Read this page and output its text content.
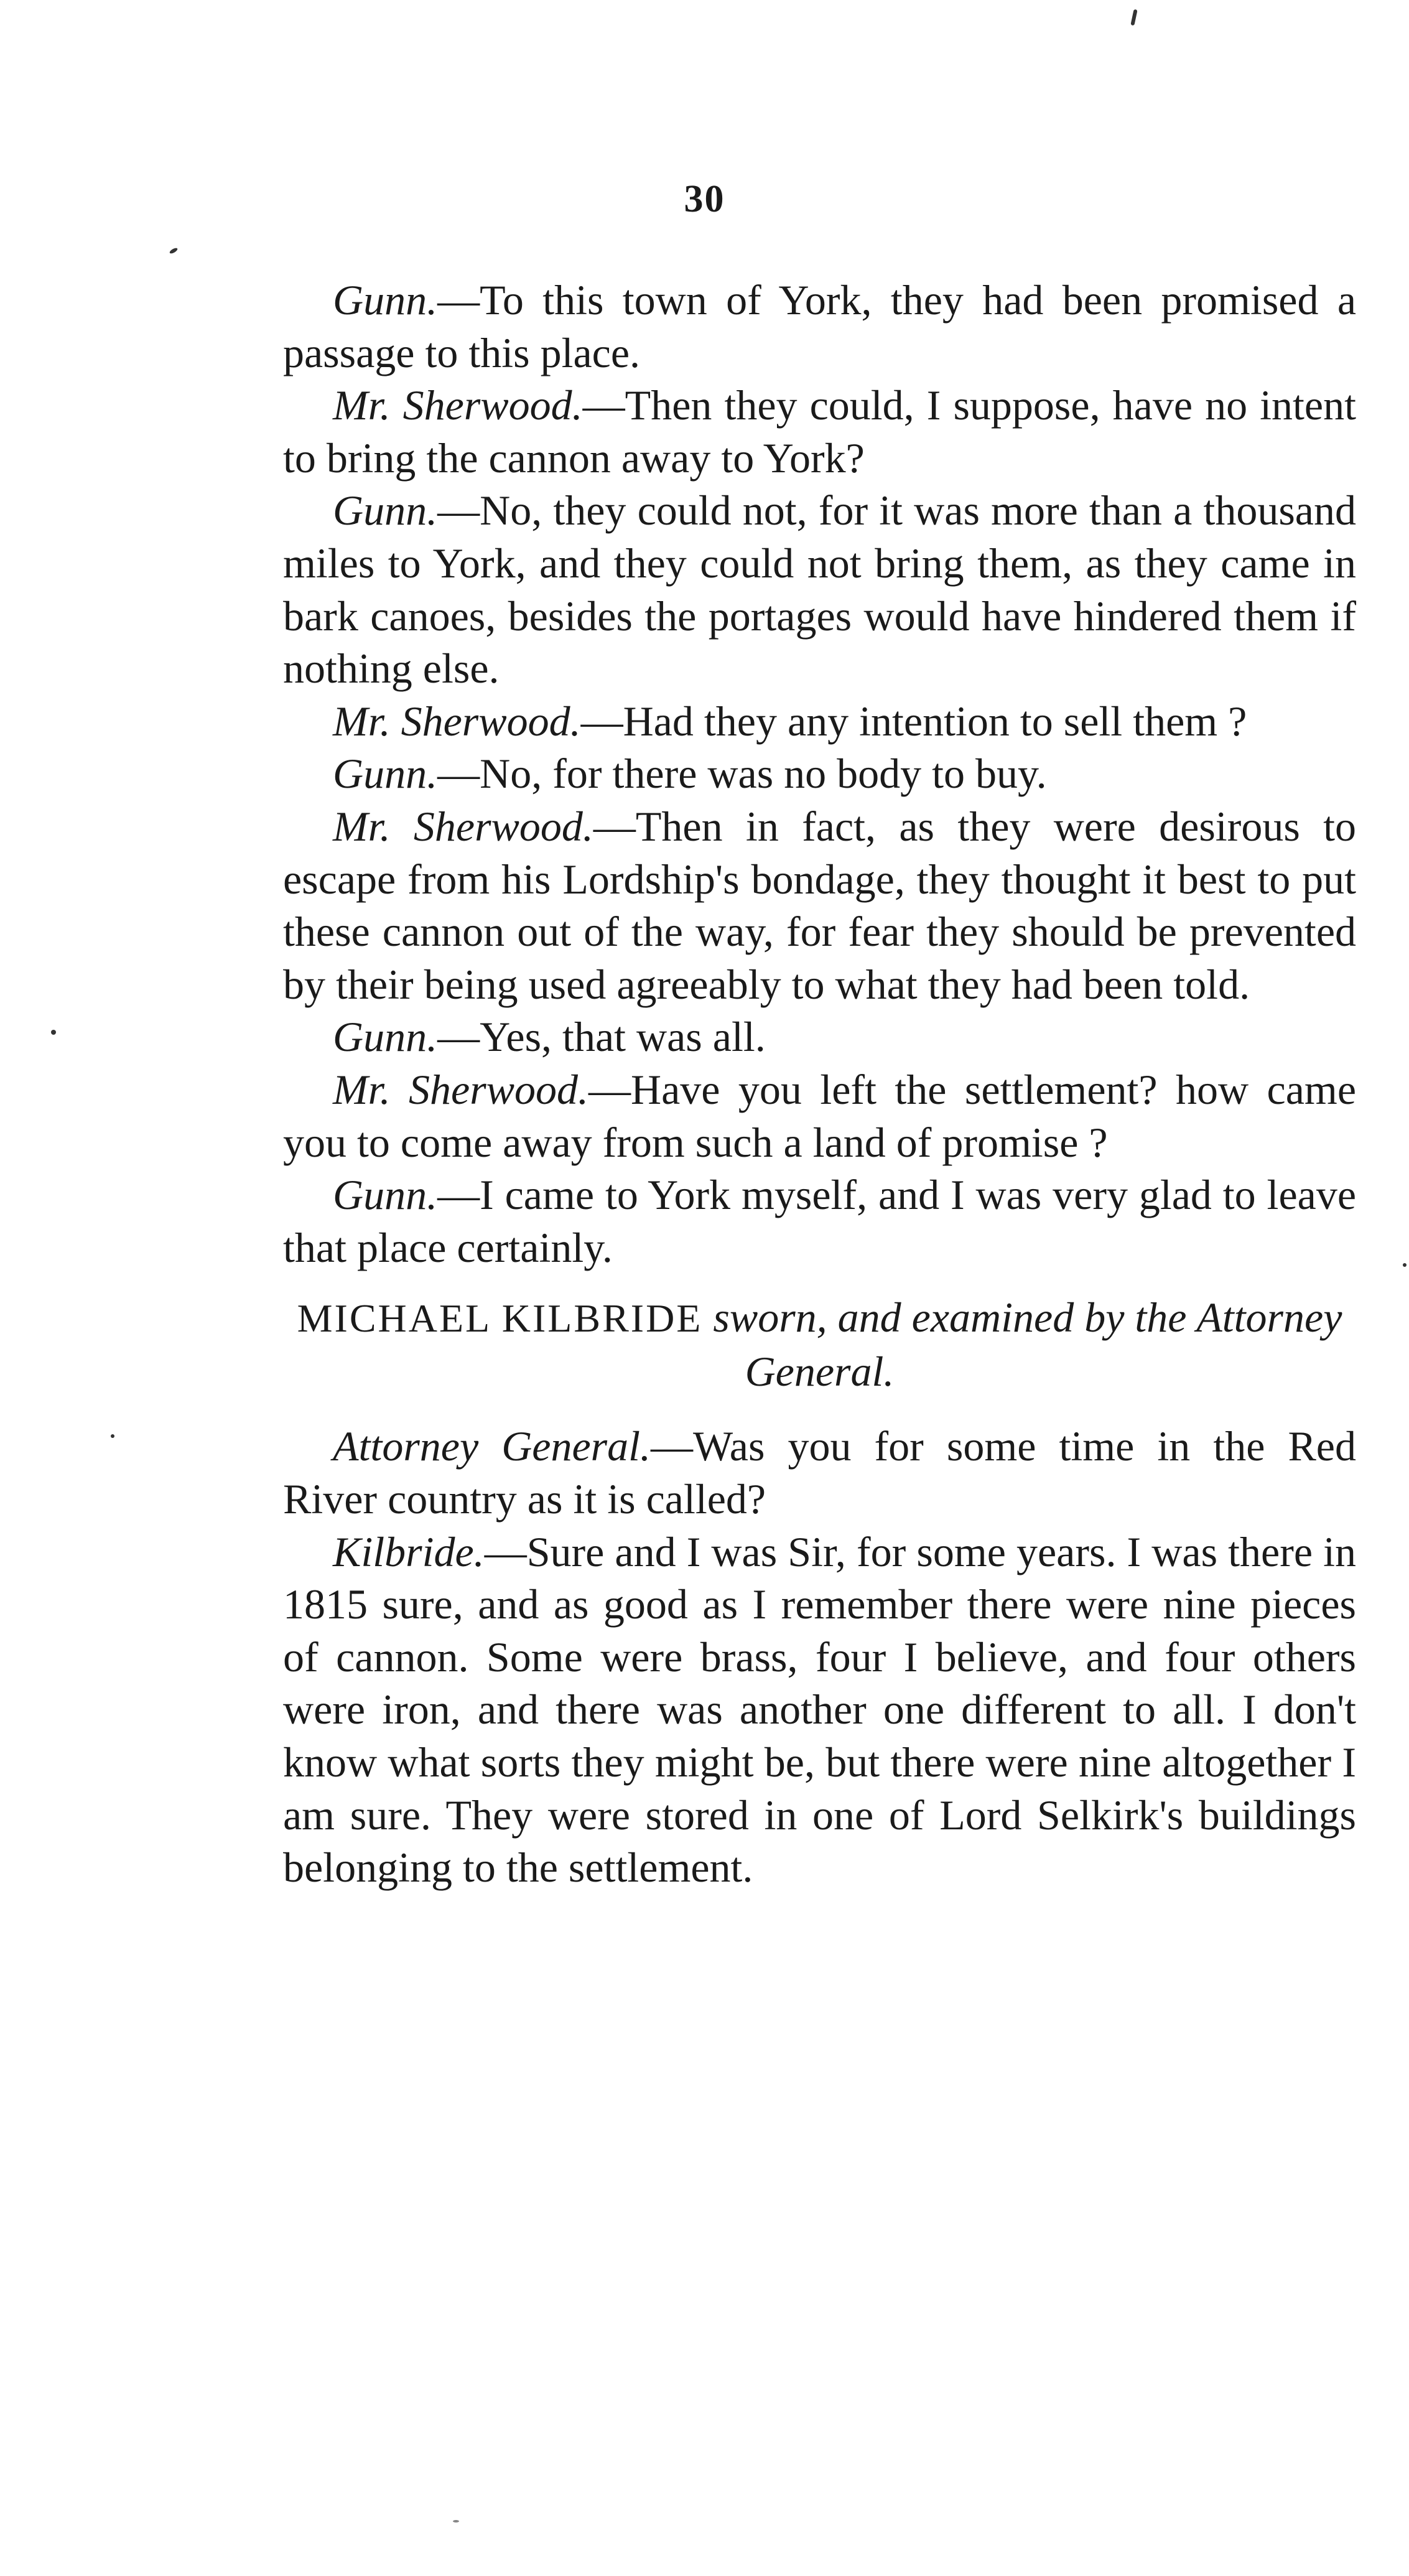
30

Gunn.—To this town of York, they had been promised a passage to this place.

Mr. Sherwood.—Then they could, I suppose, have no intent to bring the cannon away to York?

Gunn.—No, they could not, for it was more than a thousand miles to York, and they could not bring them, as they came in bark canoes, besides the portages would have hindered them if nothing else.

Mr. Sherwood.—Had they any intention to sell them ?

Gunn.—No, for there was no body to buy.

Mr. Sherwood.—Then in fact, as they were desirous to escape from his Lordship's bondage, they thought it best to put these cannon out of the way, for fear they should be prevented by their being used agreeably to what they had been told.

Gunn.—Yes, that was all.

Mr. Sherwood.—Have you left the settlement? how came you to come away from such a land of promise ?

Gunn.—I came to York myself, and I was very glad to leave that place certainly.

MICHAEL KILBRIDE sworn, and examined by the Attorney General.

Attorney General.—Was you for some time in the Red River country as it is called?

Kilbride.—Sure and I was Sir, for some years. I was there in 1815 sure, and as good as I remember there were nine pieces of cannon. Some were brass, four I believe, and four others were iron, and there was another one different to all. I don't know what sorts they might be, but there were nine altogether I am sure. They were stored in one of Lord Selkirk's buildings belonging to the settlement.
